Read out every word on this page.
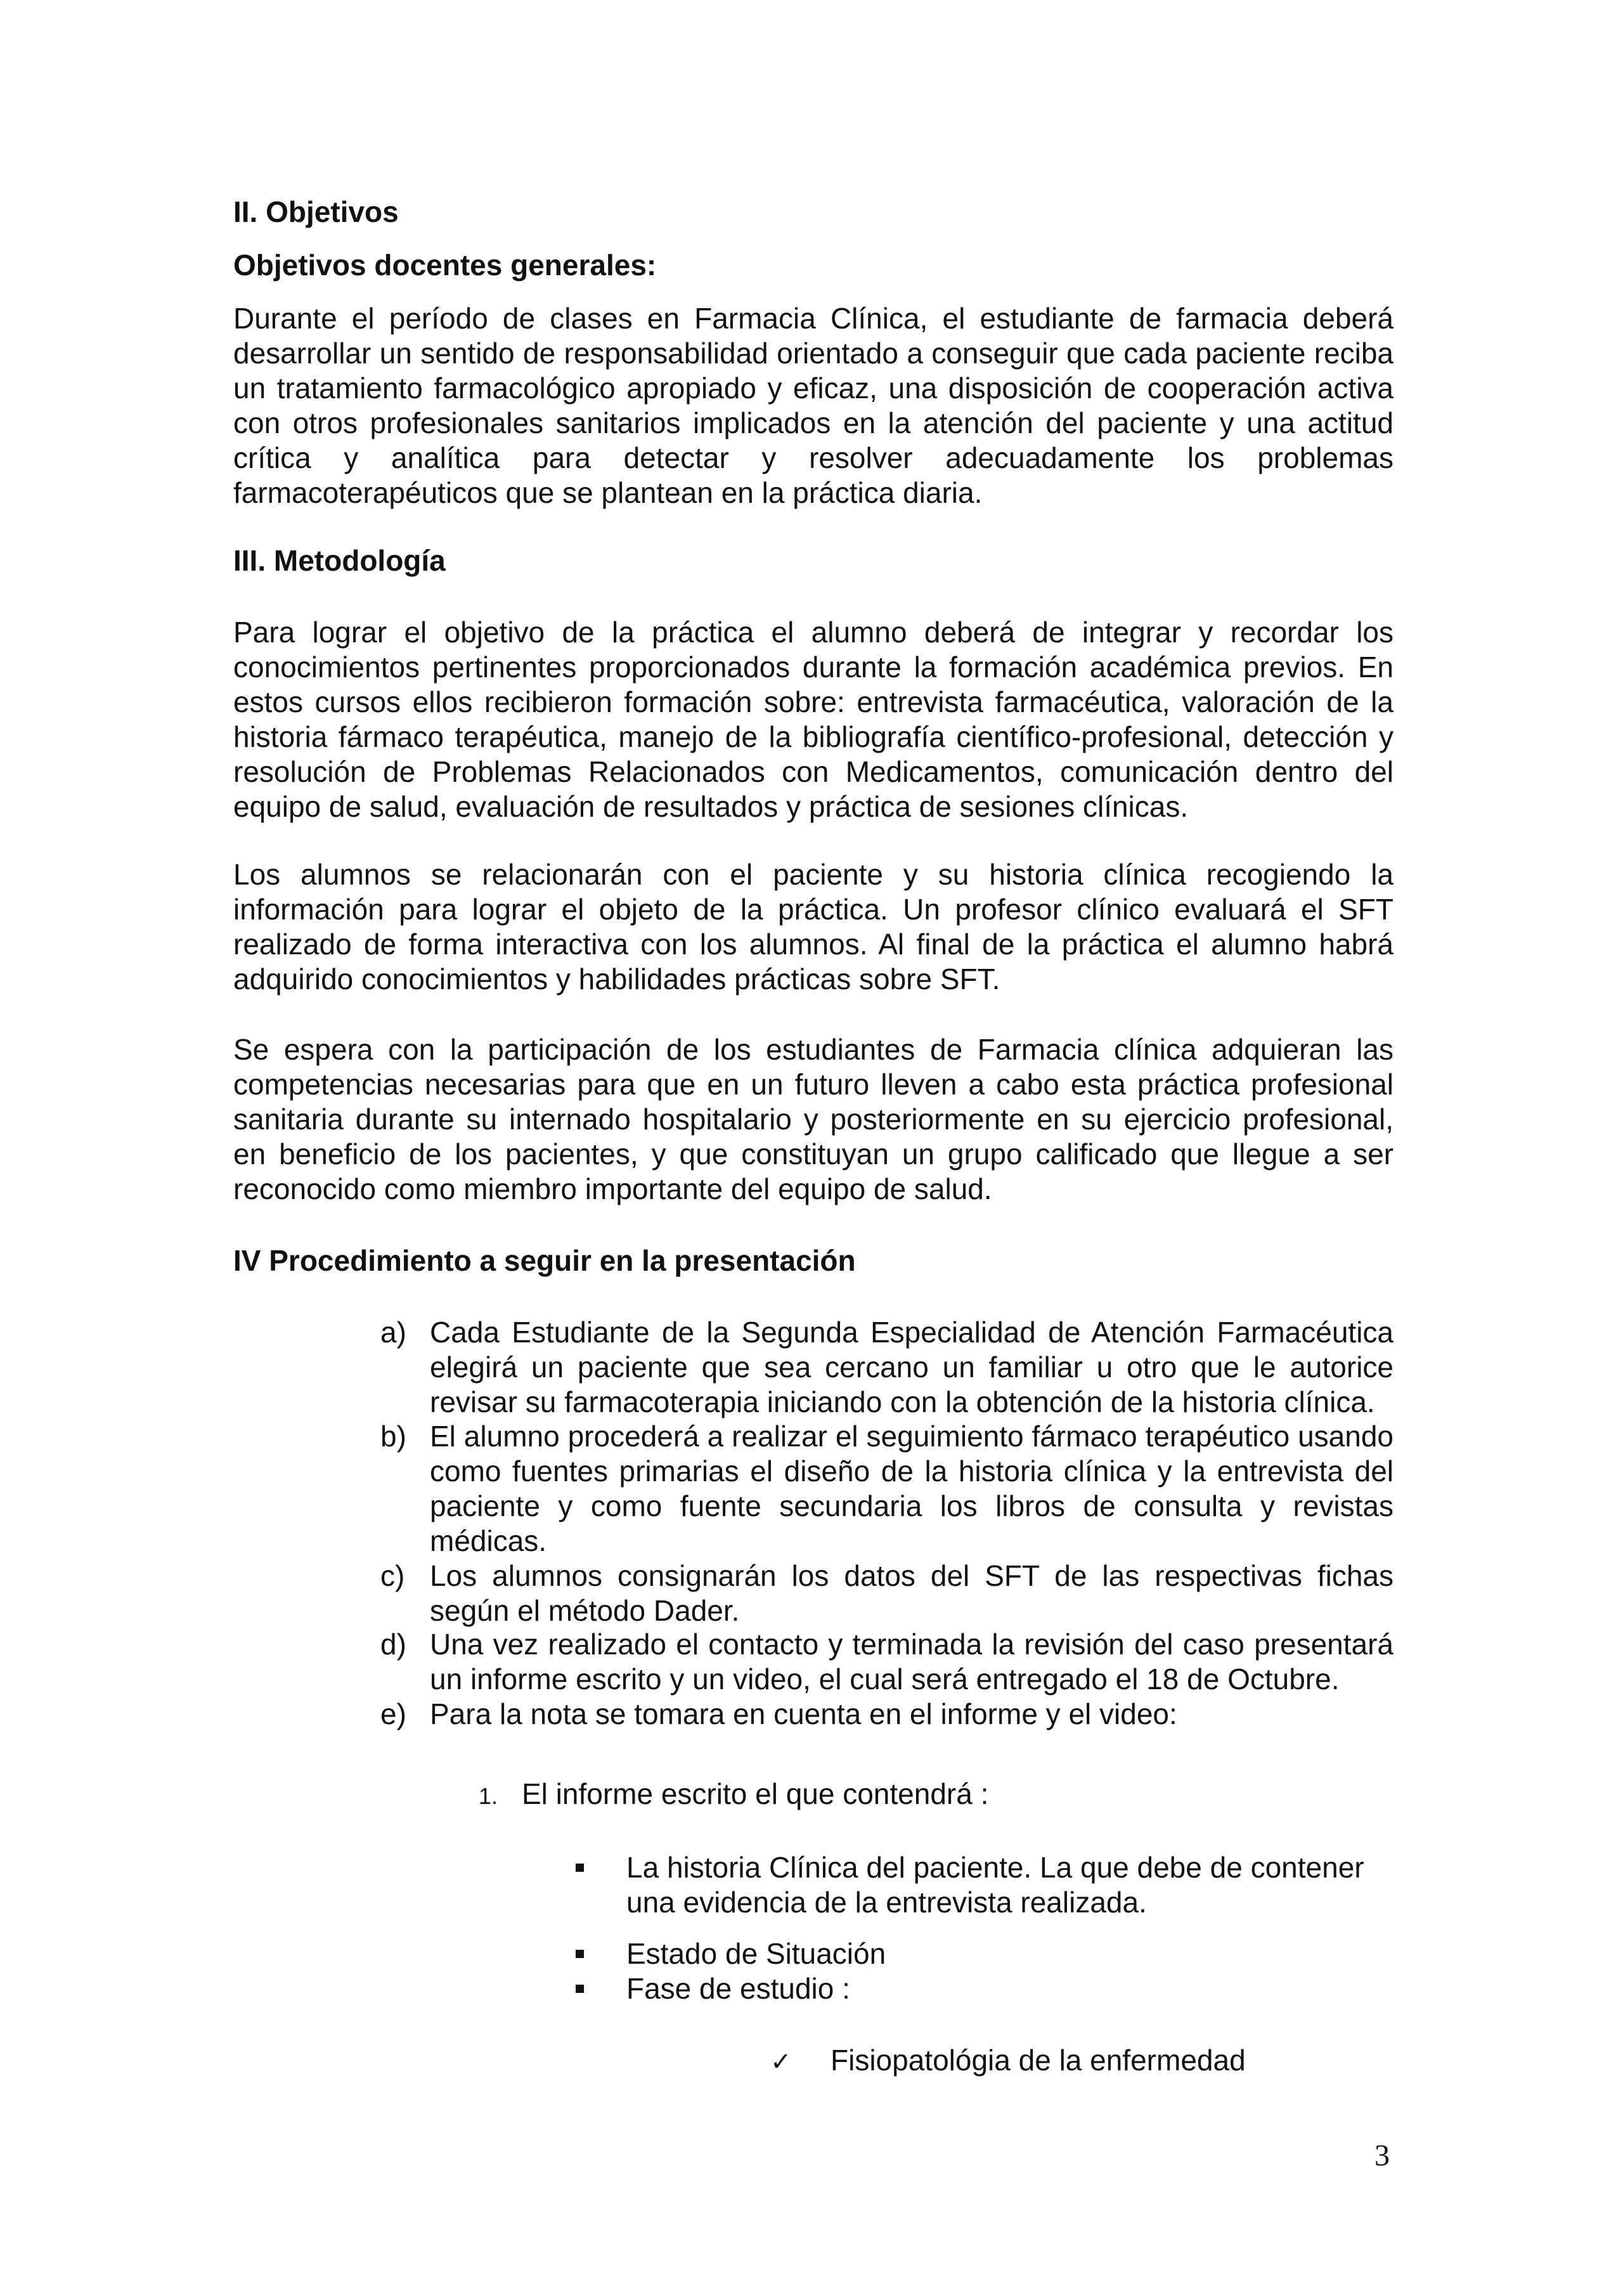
II. Objetivos

Objetivos docentes generales:

Durante el período de clases en Farmacia Clínica, el estudiante de farmacia deberá desarrollar un sentido de responsabilidad orientado a conseguir que cada paciente reciba un tratamiento farmacológico apropiado y eficaz, una disposición de cooperación activa con otros profesionales sanitarios implicados en la atención del paciente y una actitud crítica y analítica para detectar y resolver adecuadamente los problemas farmacoterapéuticos que se plantean en la práctica diaria.

III. Metodología

Para lograr el objetivo de la práctica el alumno deberá de integrar y recordar los conocimientos pertinentes proporcionados durante la formación académica previos. En estos cursos ellos recibieron formación sobre: entrevista farmacéutica, valoración de la historia fármaco terapéutica, manejo de la bibliografía científico-profesional, detección y resolución de Problemas Relacionados con Medicamentos, comunicación dentro del equipo de salud, evaluación de resultados y práctica de sesiones clínicas.

Los alumnos se relacionarán con el paciente y su historia clínica recogiendo la información para lograr el objeto de la práctica. Un profesor clínico evaluará el SFT realizado de forma interactiva con los alumnos. Al final de la práctica el alumno habrá adquirido conocimientos y habilidades prácticas sobre SFT.

Se espera con la participación de los estudiantes de Farmacia clínica adquieran las competencias necesarias para que en un futuro lleven a cabo esta práctica profesional sanitaria durante su internado hospitalario y posteriormente en su ejercicio profesional, en beneficio de los pacientes, y que constituyan un grupo calificado que llegue a ser reconocido como miembro importante del equipo de salud.

IV Procedimiento a seguir en la presentación

a) Cada Estudiante de la Segunda Especialidad de Atención Farmacéutica elegirá un paciente que sea cercano un familiar u otro que le autorice revisar su farmacoterapia iniciando con la obtención de la historia clínica.
b) El alumno procederá a realizar el seguimiento fármaco terapéutico usando como fuentes primarias el diseño de la historia clínica y la entrevista del paciente y como fuente secundaria los libros de consulta y revistas médicas.
c) Los alumnos consignarán los datos del SFT de las respectivas fichas según el método Dader.
d) Una vez realizado el contacto y terminada la revisión del caso presentará un informe escrito y un video, el cual será entregado el 18 de Octubre.
e) Para la nota se tomara en cuenta en el informe y el video:

1. El informe escrito el que contendrá :

La historia Clínica del paciente. La que debe de contener una evidencia de la entrevista realizada.
Estado de Situación
Fase de estudio :

✓ Fisiopatológia de la enfermedad

3
